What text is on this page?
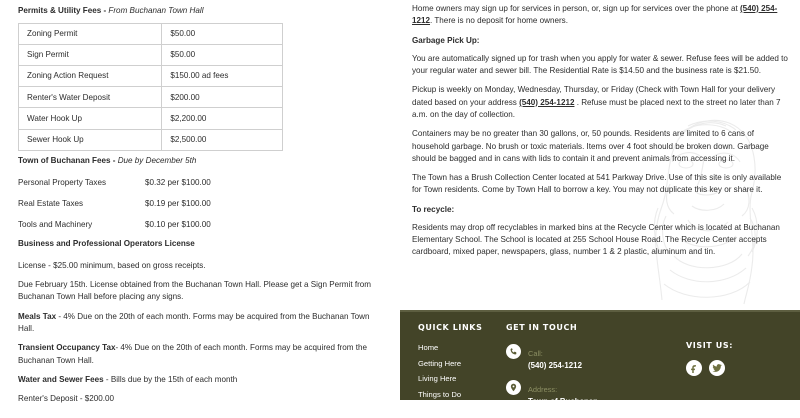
Permits & Utility Fees - From Buchanan Town Hall
Zoning Permit	$50.00
Sign Permit	$50.00
Zoning Action Request	$150.00 ad fees
Renter's Water Deposit	$200.00
Water Hook Up	$2,200.00
Sewer Hook Up	$2,500.00
Town of Buchanan Fees - Due by December 5th
Personal Property Taxes	$0.32 per $100.00
Real Estate Taxes	$0.19 per $100.00
Tools and Machinery	$0.10 per $100.00
Business and Professional Operators License

License - $25.00 minimum, based on gross receipts.

Due February 15th. License obtained from the Buchanan Town Hall. Please get a Sign Permit from Buchanan Town Hall before placing any signs.

Meals Tax - 4% Due on the 20th of each month. Forms may be acquired from the Buchanan Town Hall.

Transient Occupancy Tax- 4% Due on the 20th of each month. Forms may be acquired from the Buchanan Town Hall.

Water and Sewer Fees - Bills due by the 15th of each month

Renter's Deposit - $200.00

Home owners may sign up for services in person, or, sign up for services over the phone at (540) 254-1212. There is no deposit for home owners.

Garbage Pick Up:

You are automatically signed up for trash when you apply for water & sewer. Refuse fees will be added to your regular water and sewer bill. The Residential Rate is $14.50 and the business rate is $21.50.

Pickup is weekly on Monday, Wednesday, Thursday, or Friday (Check with Town Hall for your delivery dated based on your address (540) 254-1212 . Refuse must be placed next to the street no later than 7 a.m. on the day of collection.

Containers may be no greater than 30 gallons, or, 50 pounds. Residents are limited to 6 cans of household garbage. No brush or toxic materials. Items over 4 foot should be broken down. Garbage should be bagged and in cans with lids to contain it and prevent animals from accessing it.

The Town has a Brush Collection Center located at 541 Parkway Drive. Use of this site is only available for Town residents. Come by Town Hall to borrow a key. You may not duplicate this key or share it.

To recycle:

Residents may drop off recyclables in marked bins at the Recycle Center which is located at Buchanan Elementary School. The School is located at 255 School House Road. The Recycle Center accepts cardboard, mixed paper, newspapers, glass, number 1 & 2 plastic, aluminum and tin.

QUICK LINKS
Home
Getting Here
Living Here
Things to Do
GET IN TOUCH
Call:
(540) 254-1212
Address:
Town of Buchanan
P.O. Box 133
VISIT US:
